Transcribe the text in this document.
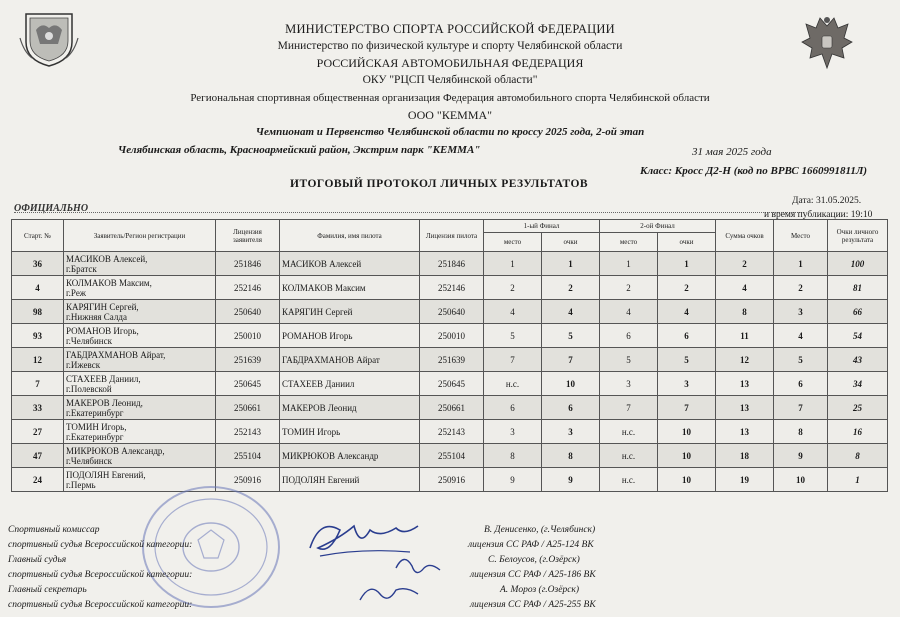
МИНИСТЕРСТВО СПОРТА РОССИЙСКОЙ ФЕДЕРАЦИИ
Министерство по физической культуре и спорту Челябинской области
РОССИЙСКАЯ АВТОМОБИЛЬНАЯ ФЕДЕРАЦИЯ
ОКУ "РЦСП Челябинской области"
Региональная спортивная общественная организация Федерация автомобильного спорта Челябинской области
ООО "КЕММА"
Чемпионат и Первенство Челябинской области по кроссу 2025 года, 2-ой этап
Челябинская область, Красноармейский район, Экстрим парк "КЕММА"	31 мая 2025 года
Класс: Кросс Д2-Н (код по ВРВС 1660991811Л)
ИТОГОВЫЙ ПРОТОКОЛ ЛИЧНЫХ РЕЗУЛЬТАТОВ
ОФИЦИАЛЬНО
Дата: 31.05.2025.
и время публикации: 19:10
Старт. №	Заявитель/Регион регистрации	Лицензия заявителя	Фамилия, имя пилота	Лицензия пилота	1-ый Финал		2-ой Финал		Сумма очков	Место	Очки личного результата
					место	очки	место	очки			
36	МАСИКОВ Алексей,
г.Братск	251846	МАСИКОВ Алексей	251846	1	1	1	1	2	1	100
4	КОЛМАКОВ Максим,
г.Реж	252146	КОЛМАКОВ Максим	252146	2	2	2	2	4	2	81
98	КАРЯГИН Сергей,
г.Нижняя Салда	250640	КАРЯГИН Сергей	250640	4	4	4	4	8	3	66
93	РОМАНОВ Игорь,
г.Челябинск	250010	РОМАНОВ Игорь	250010	5	5	6	6	11	4	54
12	ГАБДРАХМАНОВ Айрат,
г.Ижевск	251639	ГАБДРАХМАНОВ Айрат	251639	7	7	5	5	12	5	43
7	СТАХЕЕВ Даниил,
г.Полевской	250645	СТАХЕЕВ Даниил	250645	н.с.	10	3	3	13	6	34
33	МАКЕРОВ Леонид,
г.Екатеринбург	250661	МАКЕРОВ Леонид	250661	6	6	7	7	13	7	25
27	ТОМИН Игорь,
г.Екатеринбург	252143	ТОМИН Игорь	252143	3	3	н.с.	10	13	8	16
47	МИКРЮКОВ Александр,
г.Челябинск	255104	МИКРЮКОВ Александр	255104	8	8	н.с.	10	18	9	8
24	ПОДОЛЯН Евгений,
г.Пермь	250916	ПОДОЛЯН Евгений	250916	9	9	н.с.	10	19	10	1
Спортивный комиссар
спортивный судья Всероссийской категории:
Главный судья
спортивный судья Всероссийской категории:
Главный секретарь
спортивный судья Всероссийской категории:
В. Денисенко, (г.Челябинск)
лицензия СС РАФ / А25-124 ВК
С. Белоусов, (г.Озёрск)
лицензия СС РАФ / А25-186 ВК
А. Мороз (г.Озёрск)
лицензия СС РАФ / А25-255 ВК
